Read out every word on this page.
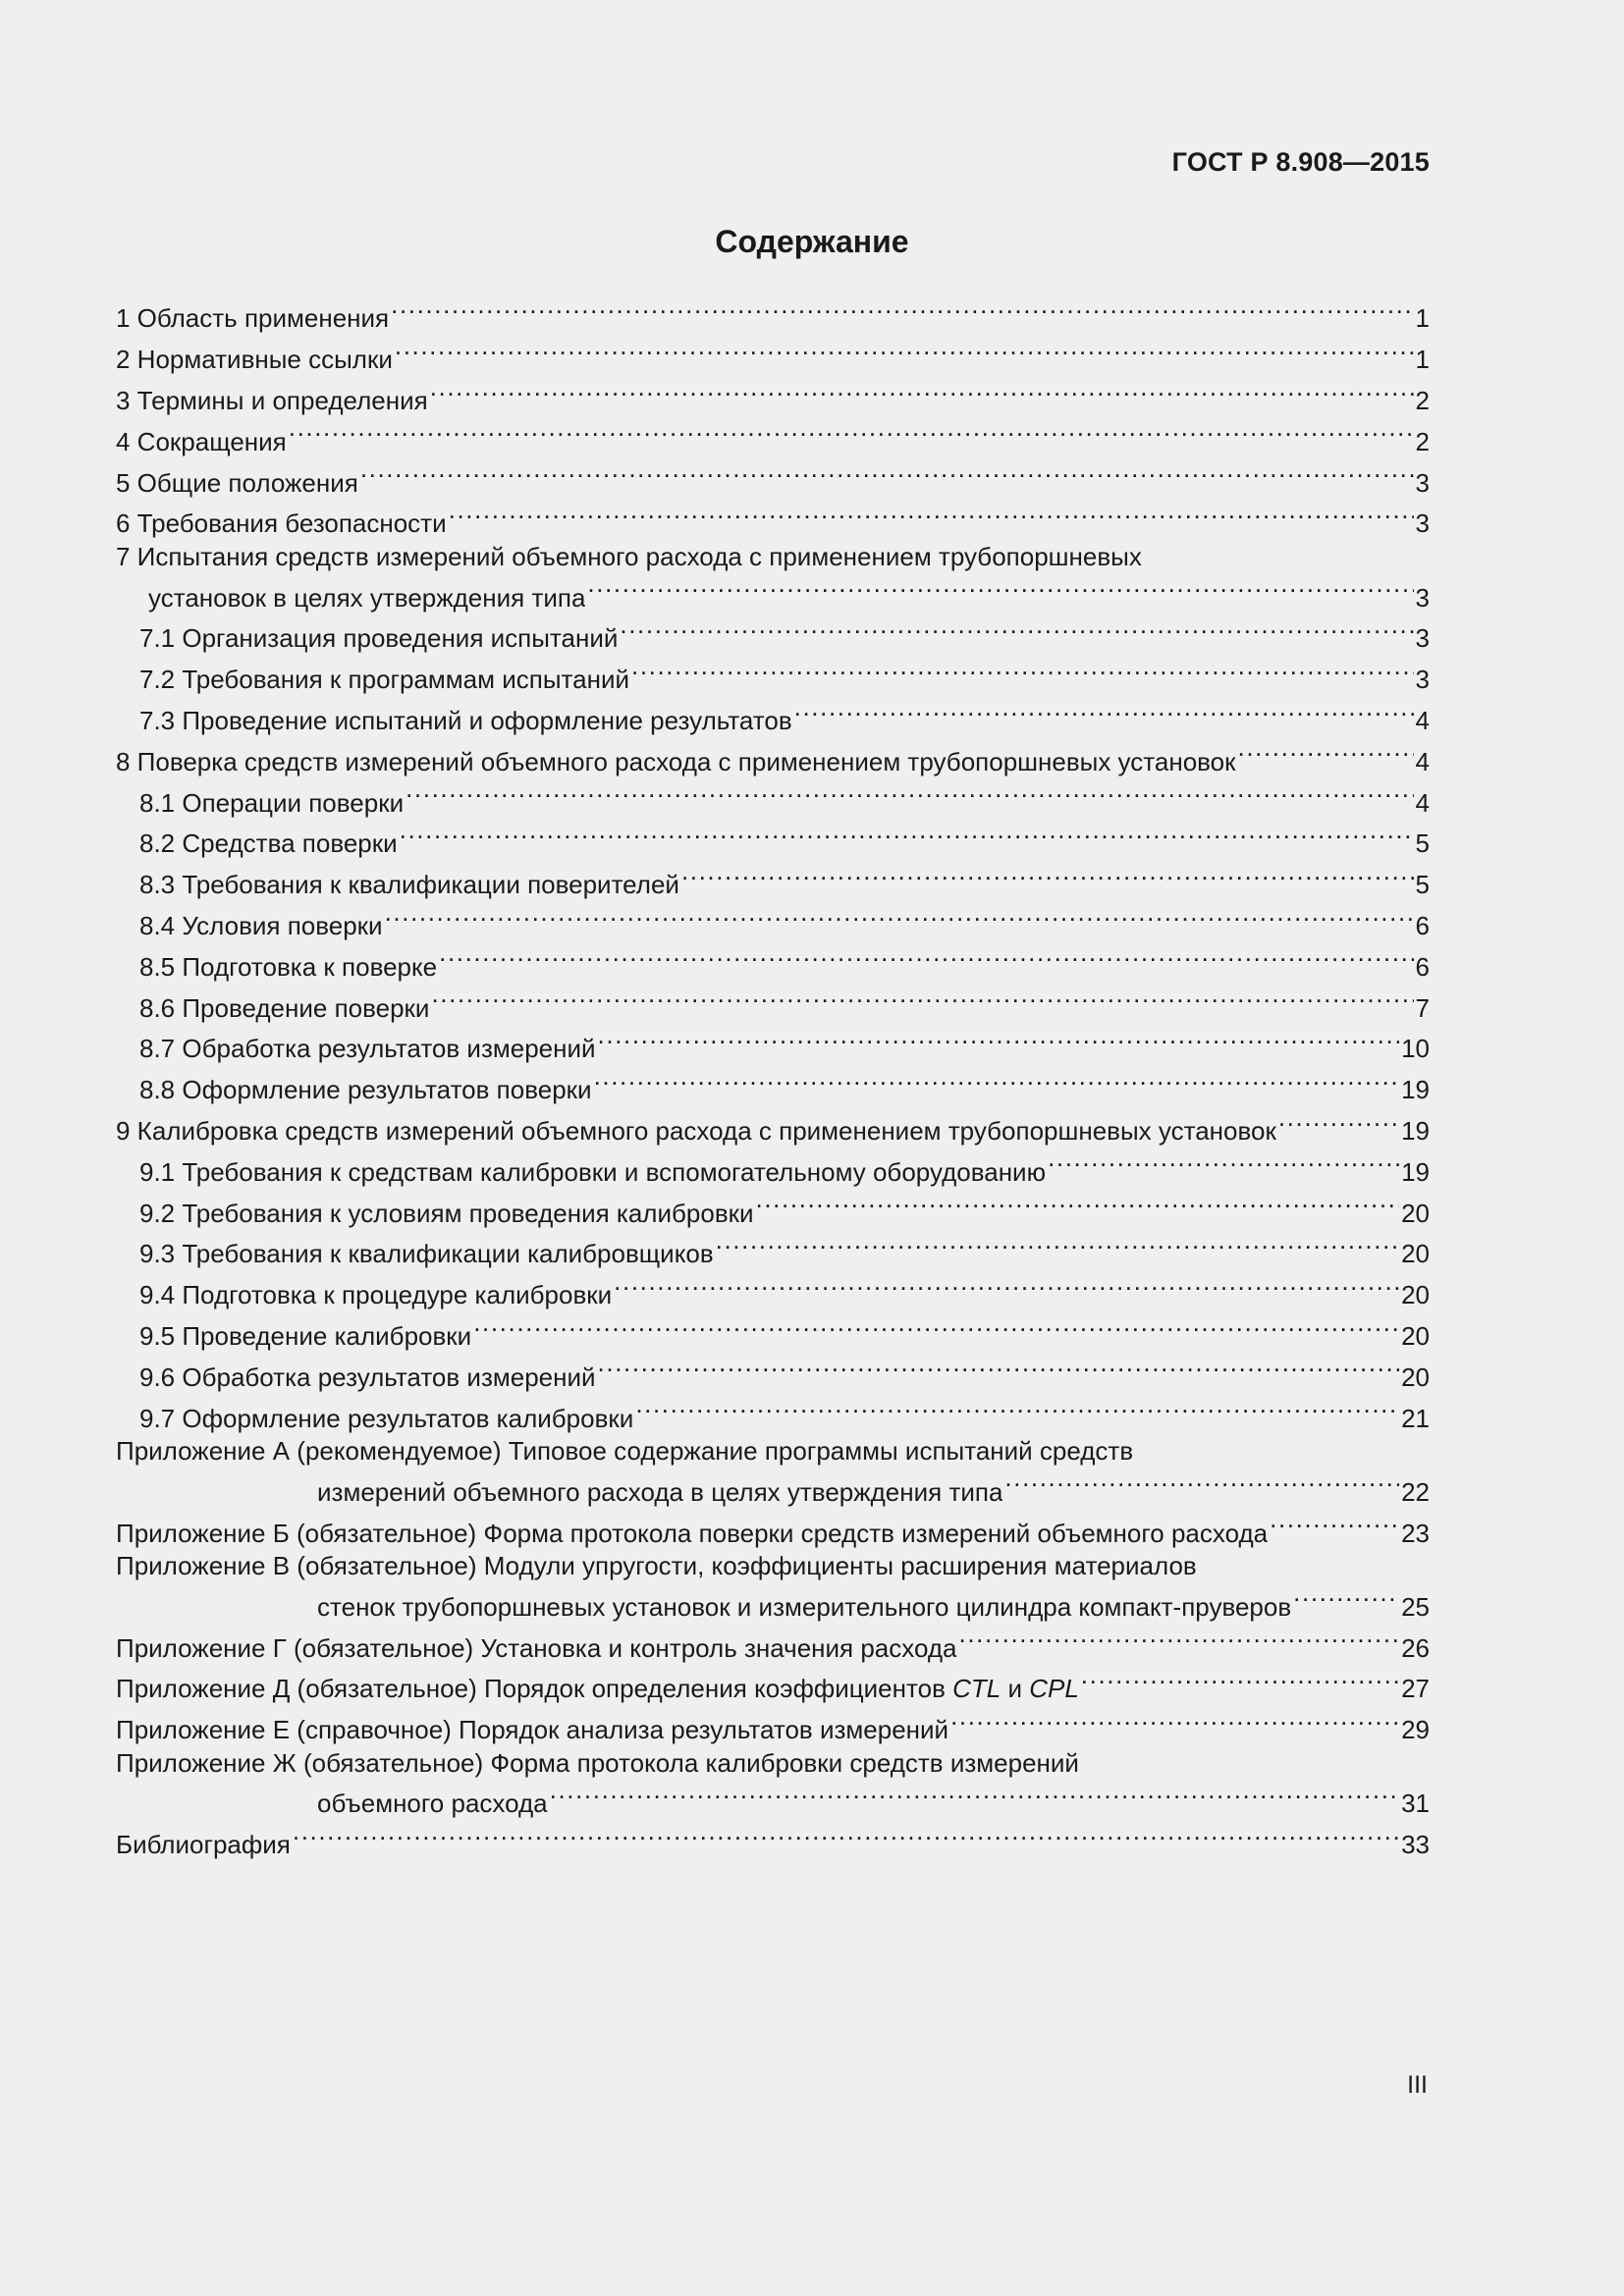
ГОСТ Р 8.908—2015
Содержание
1 Область применения .....	1
2 Нормативные ссылки .....	1
3 Термины и определения .....	2
4 Сокращения .....	2
5 Общие положения .....	3
6 Требования безопасности .....	3
7 Испытания средств измерений объемного расхода с применением трубопоршневых
установок в целях утверждения типа .....	3
7.1 Организация проведения испытаний .....	3
7.2 Требования к программам испытаний .....	3
7.3 Проведение испытаний и оформление результатов .....	4
8 Поверка средств измерений объемного расхода с применением трубопоршневых установок .....	4
8.1 Операции поверки .....	4
8.2 Средства поверки .....	5
8.3 Требования к квалификации поверителей .....	5
8.4 Условия поверки .....	6
8.5 Подготовка к поверке .....	6
8.6 Проведение поверки .....	7
8.7 Обработка результатов измерений .....	10
8.8 Оформление результатов поверки .....	19
9 Калибровка средств измерений объемного расхода с применением трубопоршневых установок .....	19
9.1 Требования к средствам калибровки и вспомогательному оборудованию .....	19
9.2 Требования к условиям проведения калибровки .....	20
9.3 Требования к квалификации калибровщиков .....	20
9.4 Подготовка к процедуре калибровки .....	20
9.5 Проведение калибровки .....	20
9.6 Обработка результатов измерений .....	20
9.7 Оформление результатов калибровки .....	21
Приложение А (рекомендуемое) Типовое содержание программы испытаний средств
измерений объемного расхода в целях утверждения типа .....	22
Приложение Б (обязательное) Форма протокола поверки средств измерений объемного расхода .....	23
Приложение В (обязательное) Модули упругости, коэффициенты расширения материалов
стенок трубопоршневых установок и измерительного цилиндра компакт-пруверов .....	25
Приложение Г (обязательное) Установка и контроль значения расхода .....	26
Приложение Д (обязательное) Порядок определения коэффициентов CTL и CPL .....	27
Приложение Е (справочное) Порядок анализа результатов измерений .....	29
Приложение Ж (обязательное) Форма протокола калибровки средств измерений
объемного расхода .....	31
Библиография .....	33
III
